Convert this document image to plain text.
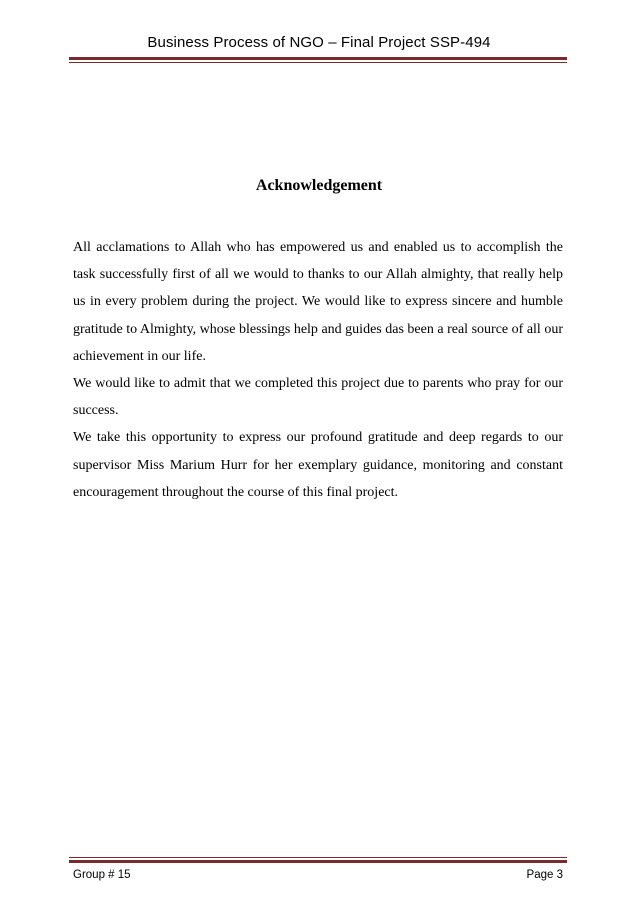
Business Process of NGO – Final Project SSP-494
Acknowledgement

All acclamations to Allah who has empowered us and enabled us to accomplish the task successfully first of all we would to thanks to our Allah almighty, that really help us in every problem during the project. We would like to express sincere and humble gratitude to Almighty, whose blessings help and guides das been a real source of all our achievement in our life.

We would like to admit that we completed this project due to parents who pray for our success.

We take this opportunity to express our profound gratitude and deep regards to our supervisor Miss Marium Hurr for her exemplary guidance, monitoring and constant encouragement throughout the course of this final project.

Group # 15	Page 3
